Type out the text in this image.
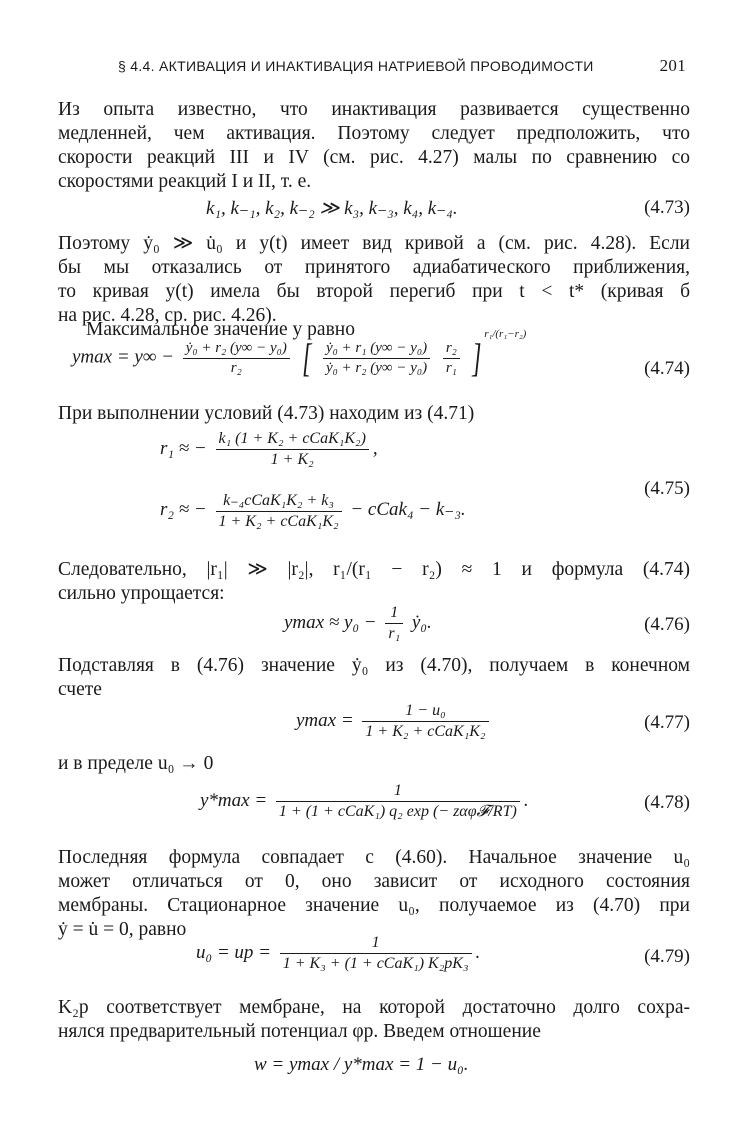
§ 4.4. АКТИВАЦИЯ И ИНАКТИВАЦИЯ НАТРИЕВОЙ ПРОВОДИМОСТИ	201
Из опыта известно, что инактивация развивается существенно
медленней, чем активация. Поэтому следует предположить, что
скорости реакций III и IV (см. рис. 4.27) малы по сравнению со
скоростями реакций I и II, т. е.
k₁, k₋₁, k₂, k₋₂ ≫ k₃, k₋₃, k₄, k₋₄.	(4.73)
Поэтому ẏ₀ ≫ u̇₀ и y(t) имеет вид кривой a (см. рис. 4.28). Если
бы мы отказались от принятого адиабатического приближения,
то кривая y(t) имела бы второй перегиб при t < t* (кривая б
на рис. 4.28, ср. рис. 4.26).
Максимальное значение y равно
$ymax = y\infty - \frac{\text{ẏ₀ + r₂ (y∞ − y₀)}}{\text{r₂}}$ [ $\frac{\text{ẏ₀ + r₁ (y∞ − y₀)}}{\text{ẏ₀ + r₂ (y∞ − y₀)}}$
$\frac{\text{r₂}}{\text{r₁}} ]^{r_1/(r_1-r_2)}$
(4.74)
При выполнении условий (4.73) находим из (4.71)
r₁ ≈ − $\frac{\text{k₁ (1 + K₂ + cCaK₁K₂)}}{\text{1 + K₂}}$ ,
r₂ ≈ − $\frac{\text{k₋₄cCaK₁K₂ + k₃}}{\text{1 + K₂ + cCaK₁K₂}}$ − cCak₄ − k₋₃.
(4.75)
Следовательно, |r₁| ≫ |r₂|, r₁/(r₁ − r₂) ≈ 1 и формула (4.74)
сильно упрощается:
$ymax \approx y_0 - \frac{1}{\text{r₁}}$ ẏ₀.	(4.76)
Подставляя в (4.76) значение ẏ₀ из (4.70), получаем в конечном
счете
$ymax = \frac{\text{1 − u₀}}{\text{1 + K₂ + cCaK₁K₂}}$	(4.77)
и в пределе u₀ → 0
$y*\max = \frac{1}{\text{1 + (1 + cCaK₁) q₂ exp (− zαφ𝓕/RT)}}$ .	(4.78)
Последняя формула совпадает с (4.60). Начальное значение u₀
может отличаться от 0, оно зависит от исходного состояния
мембраны. Стационарное значение u₀, получаемое из (4.70) при
ẏ = u̇ = 0, равно
u₀ = up = $\frac{1}{\text{1 + K₃ + (1 + cCaK₁) K₂pK₃}}$ .	(4.79)
K₂p соответствует мембране, на которой достаточно долго сохра-
нялся предварительный потенциал φp. Введем отношение
w = ymax / y*max = 1 − u₀.
